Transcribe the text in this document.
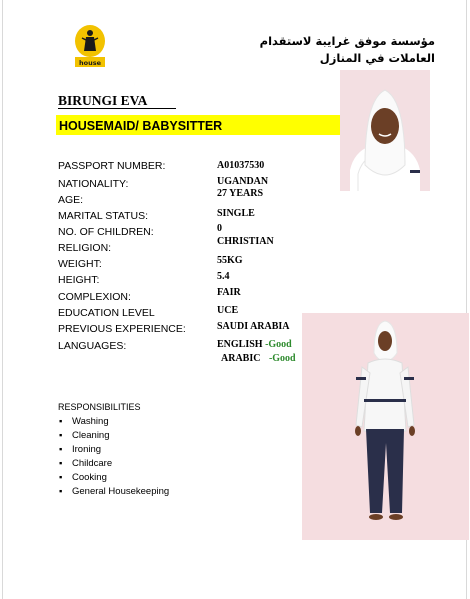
house
مؤسسة موفق غرايبة لاستقدام العاملات في المنازل
BIRUNGI EVA
HOUSEMAID/ BABYSITTER
PASSPORT NUMBER:	A01037530
NATIONALITY:	UGANDAN
AGE:
27 YEARS
MARITAL STATUS:	SINGLE
NO. OF CHILDREN:	0
RELIGION:
CHRISTIAN
WEIGHT:	55KG
HEIGHT:	5.4
COMPLEXION:	FAIR
EDUCATION LEVEL	UCE
PREVIOUS EXPERIENCE:	SAUDI ARABIA
LANGUAGES:	ENGLISH -Good
ARABIC -Good
RESPONSIBILITIES
▪ Washing
▪ Cleaning
▪ Ironing
▪ Childcare
▪ Cooking
▪ General Housekeeping
